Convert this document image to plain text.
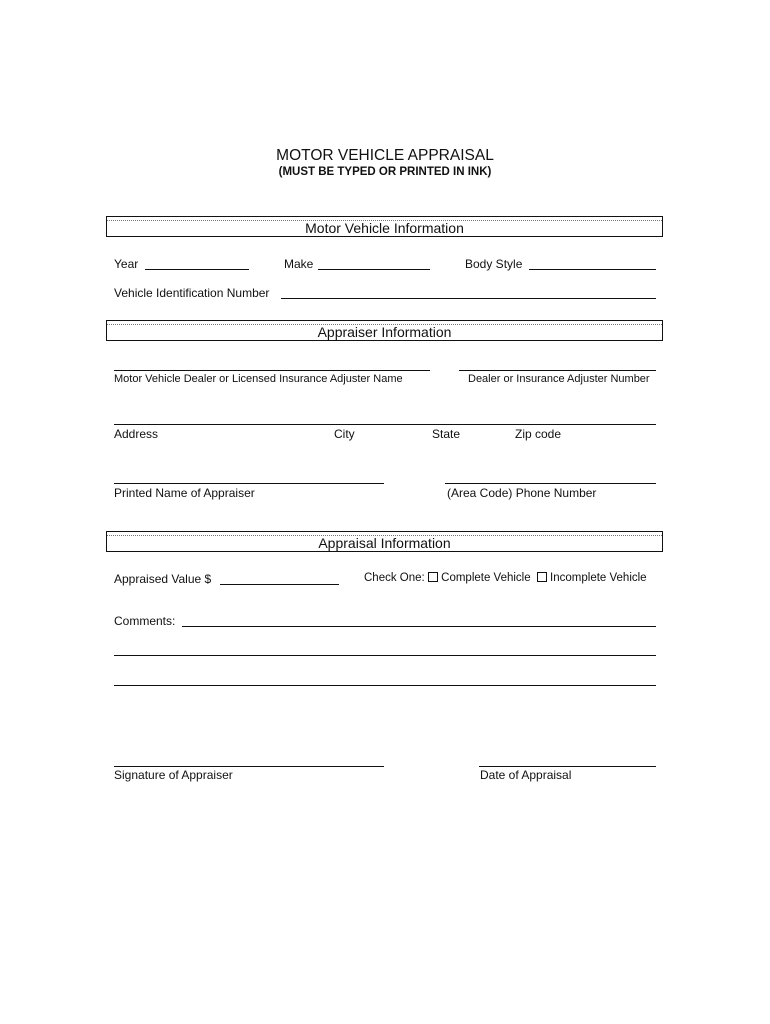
MOTOR VEHICLE APPRAISAL
(MUST BE TYPED OR PRINTED IN INK)
Motor Vehicle Information
Year	Make	Body Style
Vehicle Identification Number
Appraiser Information
Motor Vehicle Dealer or Licensed Insurance Adjuster Name	Dealer or Insurance Adjuster Number
Address	City	State	Zip code
Printed Name of Appraiser	(Area Code) Phone Number
Appraisal Information
Appraised Value $	Check One: Complete Vehicle Incomplete Vehicle
Comments:
Signature of Appraiser	Date of Appraisal
